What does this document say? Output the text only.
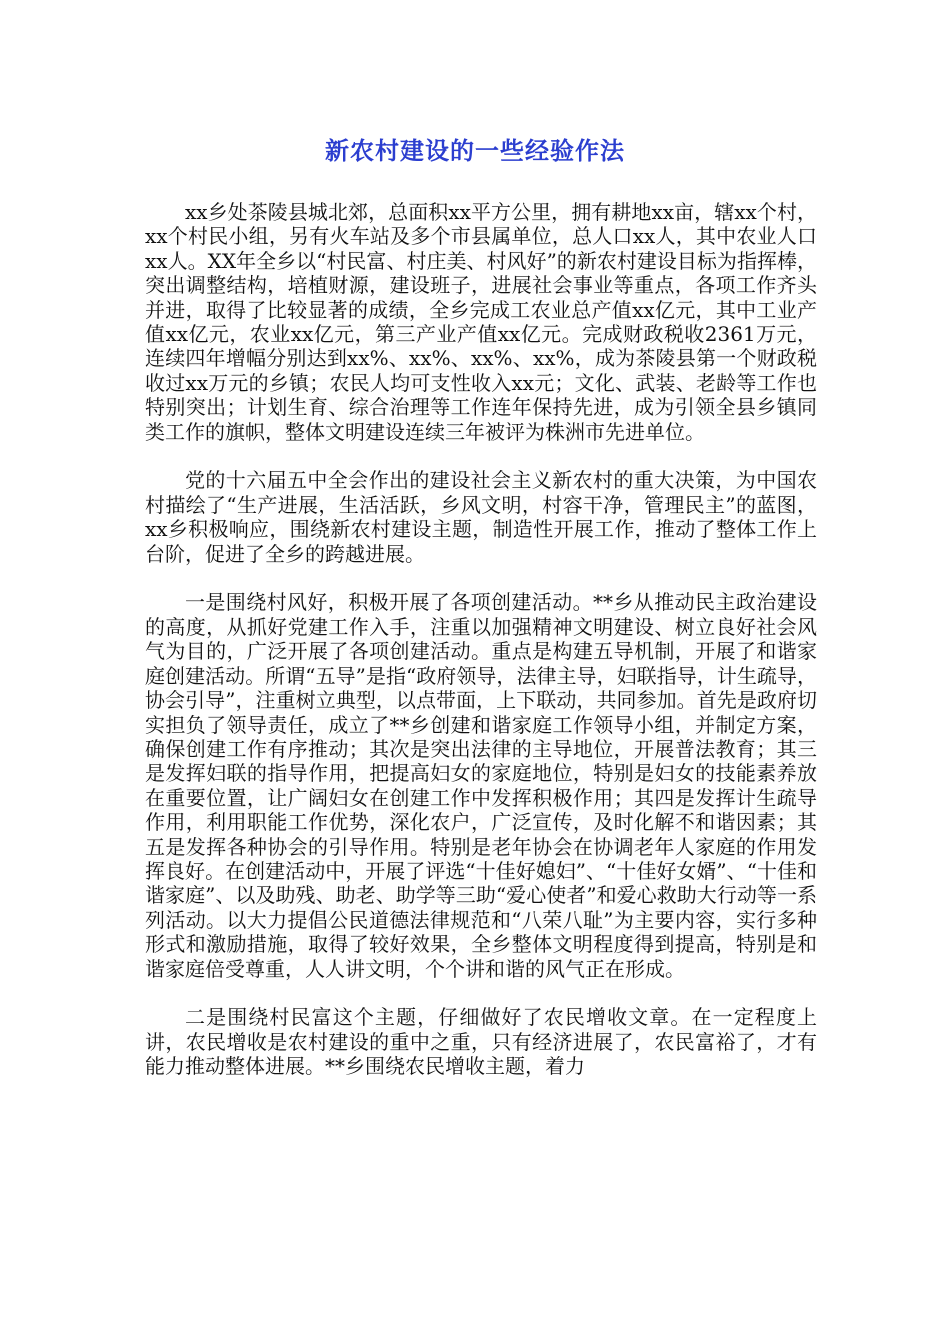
新农村建设的一些经验作法

xx乡处茶陵县城北郊，总面积xx平方公里，拥有耕地xx亩，辖xx个村，xx个村民小组，另有火车站及多个市县属单位，总人口xx人，其中农业人口xx人。XX年全乡以“村民富、村庄美、村风好”的新农村建设目标为指挥棒，突出调整结构，培植财源，建设班子，进展社会事业等重点，各项工作齐头并进，取得了比较显著的成绩，全乡完成工农业总产值xx亿元，其中工业产值xx亿元，农业xx亿元，第三产业产值xx亿元。完成财政税收2361万元，连续四年增幅分别达到xx%、xx%、xx%、xx%，成为茶陵县第一个财政税收过xx万元的乡镇；农民人均可支性收入xx元；文化、武装、老龄等工作也特别突出；计划生育、综合治理等工作连年保持先进，成为引领全县乡镇同类工作的旗帜，整体文明建设连续三年被评为株洲市先进单位。

党的十六届五中全会作出的建设社会主义新农村的重大决策，为中国农村描绘了“生产进展，生活活跃，乡风文明，村容干净，管理民主”的蓝图，xx乡积极响应，围绕新农村建设主题，制造性开展工作，推动了整体工作上台阶，促进了全乡的跨越进展。

一是围绕村风好，积极开展了各项创建活动。**乡从推动民主政治建设的高度，从抓好党建工作入手，注重以加强精神文明建设、树立良好社会风气为目的，广泛开展了各项创建活动。重点是构建五导机制，开展了和谐家庭创建活动。所谓“五导”是指“政府领导，法律主导，妇联指导，计生疏导，协会引导”，注重树立典型，以点带面，上下联动，共同参加。首先是政府切实担负了领导责任，成立了**乡创建和谐家庭工作领导小组，并制定方案，确保创建工作有序推动；其次是突出法律的主导地位，开展普法教育；其三是发挥妇联的指导作用，把提高妇女的家庭地位，特别是妇女的技能素养放在重要位置，让广阔妇女在创建工作中发挥积极作用；其四是发挥计生疏导作用，利用职能工作优势，深化农户，广泛宣传，及时化解不和谐因素；其五是发挥各种协会的引导作用。特别是老年协会在协调老年人家庭的作用发挥良好。在创建活动中，开展了评选“十佳好媳妇”、“十佳好女婿”、“十佳和谐家庭”、以及助残、助老、助学等三助“爱心使者”和爱心救助大行动等一系列活动。以大力提倡公民道德法律规范和“八荣八耻”为主要内容，实行多种形式和激励措施，取得了较好效果，全乡整体文明程度得到提高，特别是和谐家庭倍受尊重，人人讲文明，个个讲和谐的风气正在形成。

二是围绕村民富这个主题，仔细做好了农民增收文章。在一定程度上讲，农民增收是农村建设的重中之重，只有经济进展了，农民富裕了，才有能力推动整体进展。**乡围绕农民增收主题，着力
